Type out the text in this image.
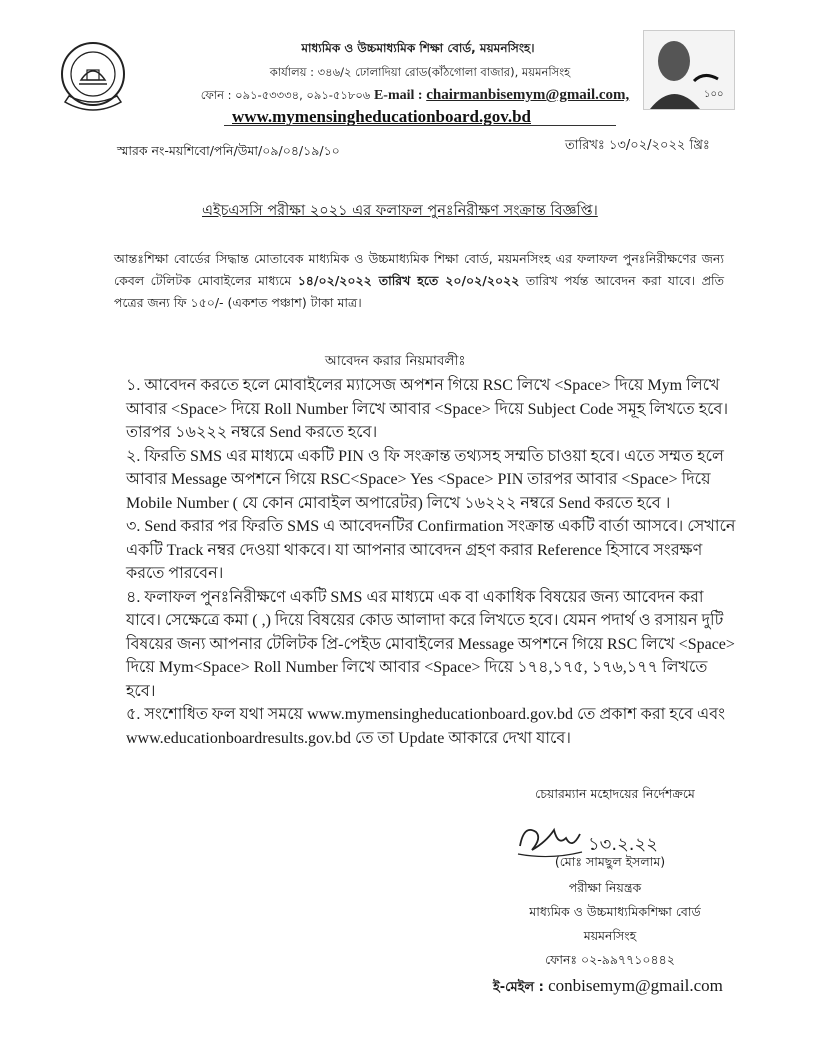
মাধ্যমিক ও উচ্চমাধ্যমিক শিক্ষা বোর্ড, ময়মনসিংহ।
কার্যালয় : ৩৪৬/২ ঢোলাদিয়া রোড(কাঁঠগোলা বাজার), ময়মনসিংহ
ফোন : ০৯১-৫৩৩৩৪, ০৯১-৫১৮০৬ E-mail : chairmanbisemym@gmail.com,
www.mymensingheducationboard.gov.bd
১০০
স্মারক নং-ময়শিবো/পনি/উমা/০৯/০৪/১৯/১০	তারিখঃ ১৩/০২/২০২২ খ্রিঃ
এইচএসসি পরীক্ষা ২০২১ এর ফলাফল পুনঃনিরীক্ষণ সংক্রান্ত বিজ্ঞপ্তি।
আন্তঃশিক্ষা বোর্ডের সিদ্ধান্ত মোতাবেক মাধ্যমিক ও উচ্চমাধ্যমিক শিক্ষা বোর্ড, ময়মনসিংহ এর ফলাফল পুনঃনিরীক্ষণের জন্য কেবল টেলিটক মোবাইলের মাধ্যমে ১৪/০২/২০২২ তারিখ হতে ২০/০২/২০২২ তারিখ পর্যন্ত আবেদন করা যাবে। প্রতি পত্রের জন্য ফি ১৫০/- (একশত পঞ্চাশ) টাকা মাত্র।
আবেদন করার নিয়মাবলীঃ

১. আবেদন করতে হলে মোবাইলের ম্যাসেজ অপশন গিয়ে RSC লিখে <Space> দিয়ে Mym লিখে আবার <Space> দিয়ে Roll Number লিখে আবার <Space> দিয়ে Subject Code সমূহ লিখতে হবে। তারপর ১৬২২২ নম্বরে Send করতে হবে।

২. ফিরতি SMS এর মাধ্যমে একটি PIN ও ফি সংক্রান্ত তথ্যসহ সম্মতি চাওয়া হবে। এতে সম্মত হলে আবার Message অপশনে গিয়ে RSC<Space> Yes <Space> PIN তারপর আবার <Space> দিয়ে Mobile Number ( যে কোন মোবাইল অপারেটর) লিখে ১৬২২২ নম্বরে Send করতে হবে ।

৩. Send করার পর ফিরতি SMS এ আবেদনটির Confirmation সংক্রান্ত একটি বার্তা আসবে। সেখানে একটি Track নম্বর দেওয়া থাকবে। যা আপনার আবেদন গ্রহণ করার Reference হিসাবে সংরক্ষণ করতে পারবেন।

৪. ফলাফল পুনঃনিরীক্ষণে একটি SMS এর মাধ্যমে এক বা একাধিক বিষয়ের জন্য আবেদন করা যাবে। সেক্ষেত্রে কমা ( ,) দিয়ে বিষয়ের কোড আলাদা করে লিখতে হবে। যেমন পদার্থ ও রসায়ন দুটি বিষয়ের জন্য আপনার টেলিটক প্রি-পেইড মোবাইলের Message অপশনে গিয়ে RSC লিখে <Space> দিয়ে Mym<Space> Roll Number লিখে আবার <Space> দিয়ে ১৭৪,১৭৫, ১৭৬,১৭৭ লিখতে হবে।

৫. সংশোধিত ফল যথা সময়ে www.mymensingheducationboard.gov.bd তে প্রকাশ করা হবে এবং www.educationboardresults.gov.bd তে তা Update আকারে দেখা যাবে।

চেয়ারম্যান মহোদয়ের নির্দেশক্রমে
১৩.২.২২
(মোঃ সামছুল ইসলাম)
পরীক্ষা নিয়ন্ত্রক
মাধ্যমিক ও উচ্চমাধ্যমিকশিক্ষা বোর্ড
ময়মনসিংহ
ফোনঃ ০২-৯৯৭৭১০৪৪২
ই-মেইল : conbisemym@gmail.com
